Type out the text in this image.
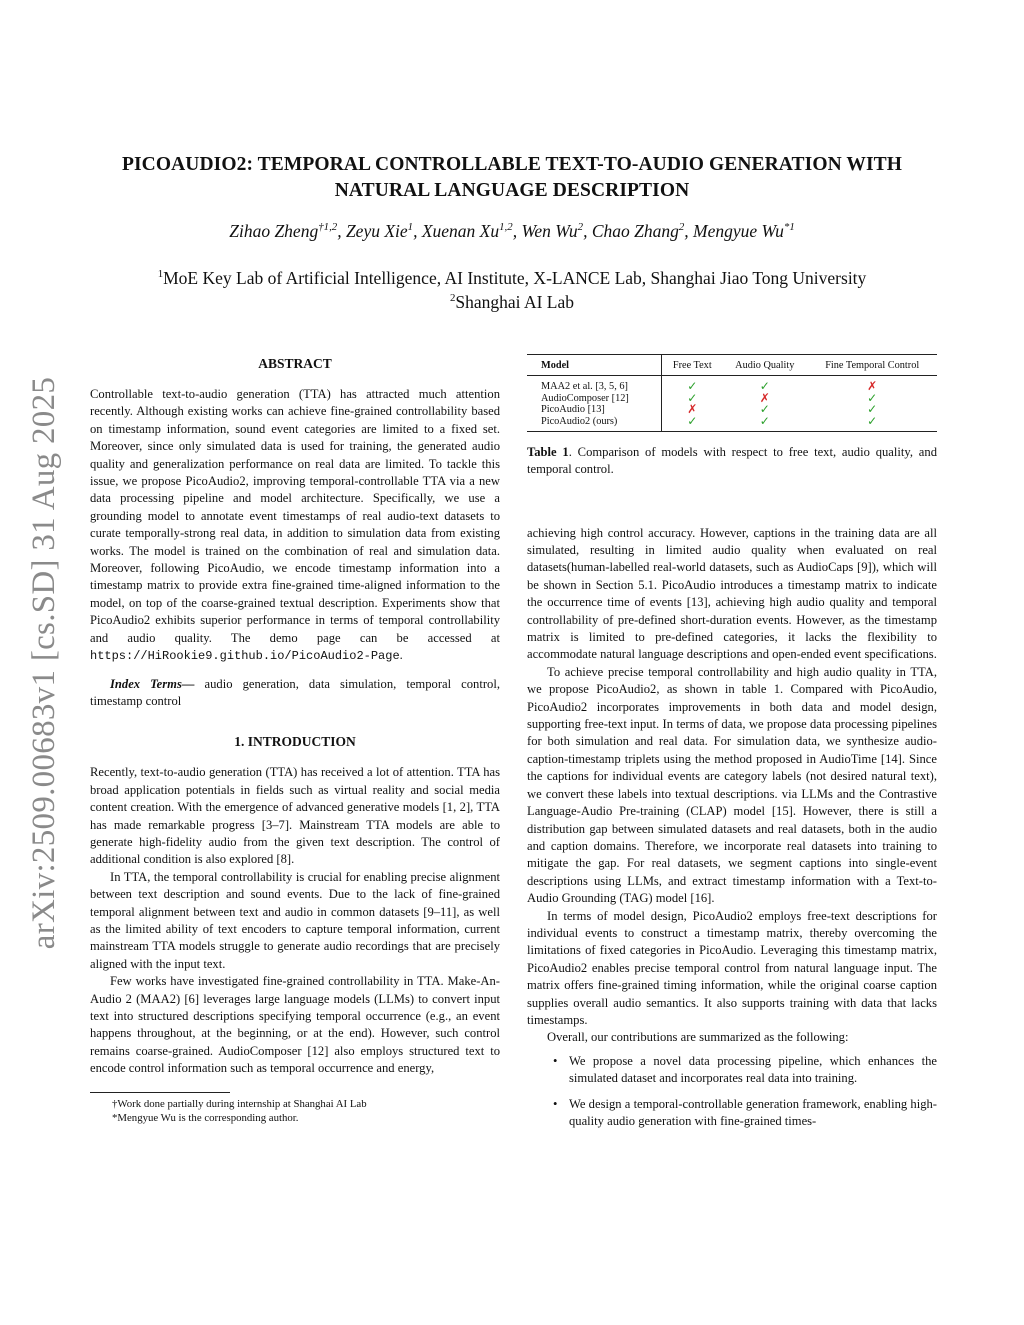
arXiv:2509.00683v1 [cs.SD] 31 Aug 2025
PICOAUDIO2: TEMPORAL CONTROLLABLE TEXT-TO-AUDIO GENERATION WITH
NATURAL LANGUAGE DESCRIPTION
Zihao Zheng$^{\dagger 1,2}$, Zeyu Xie$^1$, Xuenan Xu$^{1,2}$, Wen Wu$^2$, Chao Zhang$^2$, Mengyue Wu$^{*1}$
$^1$MoE Key Lab of Artificial Intelligence, AI Institute, X-LANCE Lab, Shanghai Jiao Tong University
$^2$Shanghai AI Lab
ABSTRACT

Controllable text-to-audio generation (TTA) has attracted much attention recently. Although existing works can achieve fine-grained controllability based on timestamp information, sound event categories are limited to a fixed set. Moreover, since only simulated data is used for training, the generated audio quality and generalization performance on real data are limited. To tackle this issue, we propose PicoAudio2, improving temporal-controllable TTA via a new data processing pipeline and model architecture. Specifically, we use a grounding model to annotate event timestamps of real audio-text datasets to curate temporally-strong real data, in addition to simulation data from existing works. The model is trained on the combination of real and simulation data. Moreover, following PicoAudio, we encode timestamp information into a timestamp matrix to provide extra fine-grained time-aligned information to the model, on top of the coarse-grained textual description. Experiments show that PicoAudio2 exhibits superior performance in terms of temporal controllability and audio quality. The demo page can be accessed at https://HiRookie9.github.io/PicoAudio2-Page.

Index Terms— audio generation, data simulation, temporal control, timestamp control

1. INTRODUCTION

Recently, text-to-audio generation (TTA) has received a lot of attention. TTA has broad application potentials in fields such as virtual reality and social media content creation. With the emergence of advanced generative models [1, 2], TTA has made remarkable progress [3–7]. Mainstream TTA models are able to generate high-fidelity audio from the given text description. The control of additional condition is also explored [8].

In TTA, the temporal controllability is crucial for enabling precise alignment between text description and sound events. Due to the lack of fine-grained temporal alignment between text and audio in common datasets [9–11], as well as the limited ability of text encoders to capture temporal information, current mainstream TTA models struggle to generate audio recordings that are precisely aligned with the input text.

Few works have investigated fine-grained controllability in TTA. Make-An-Audio 2 (MAA2) [6] leverages large language models (LLMs) to convert input text into structured descriptions specifying temporal occurrence (e.g., an event happens throughout, at the beginning, or at the end). However, such control remains coarse-grained. AudioComposer [12] also employs structured text to encode control information such as temporal occurrence and energy,

†Work done partially during internship at Shanghai AI Lab
*Mengyue Wu is the corresponding author.
Model	Free Text	Audio Quality	Fine Temporal Control
MAA2 et al. [3, 5, 6]	✓	✓	✗
AudioComposer [12]	✓	✗	✓
PicoAudio [13]	✗	✓	✓
PicoAudio2 (ours)	✓	✓	✓

Table 1. Comparison of models with respect to free text, audio quality, and temporal control.

achieving high control accuracy. However, captions in the training data are all simulated, resulting in limited audio quality when evaluated on real datasets(human-labelled real-world datasets, such as AudioCaps [9]), which will be shown in Section 5.1. PicoAudio introduces a timestamp matrix to indicate the occurrence time of events [13], achieving high audio quality and temporal controllability of pre-defined short-duration events. However, as the timestamp matrix is limited to pre-defined categories, it lacks the flexibility to accommodate natural language descriptions and open-ended event specifications.

To achieve precise temporal controllability and high audio quality in TTA, we propose PicoAudio2, as shown in table 1. Compared with PicoAudio, PicoAudio2 incorporates improvements in both data and model design, supporting free-text input. In terms of data, we propose data processing pipelines for both simulation and real data. For simulation data, we synthesize audio-caption-timestamp triplets using the method proposed in AudioTime [14]. Since the captions for individual events are category labels (not desired natural text), we convert these labels into textual descriptions. via LLMs and the Contrastive Language-Audio Pre-training (CLAP) model [15]. However, there is still a distribution gap between simulated datasets and real datasets, both in the audio and caption domains. Therefore, we incorporate real datasets into training to mitigate the gap. For real datasets, we segment captions into single-event descriptions using LLMs, and extract timestamp information with a Text-to-Audio Grounding (TAG) model [16].

In terms of model design, PicoAudio2 employs free-text descriptions for individual events to construct a timestamp matrix, thereby overcoming the limitations of fixed categories in PicoAudio. Leveraging this timestamp matrix, PicoAudio2 enables precise temporal control from natural language input. The matrix offers fine-grained timing information, while the original coarse caption supplies overall audio semantics. It also supports training with data that lacks timestamps.

Overall, our contributions are summarized as the following:

• We propose a novel data processing pipeline, which enhances the simulated dataset and incorporates real data into training.
• We design a temporal-controllable generation framework, enabling high-quality audio generation with fine-grained times-
